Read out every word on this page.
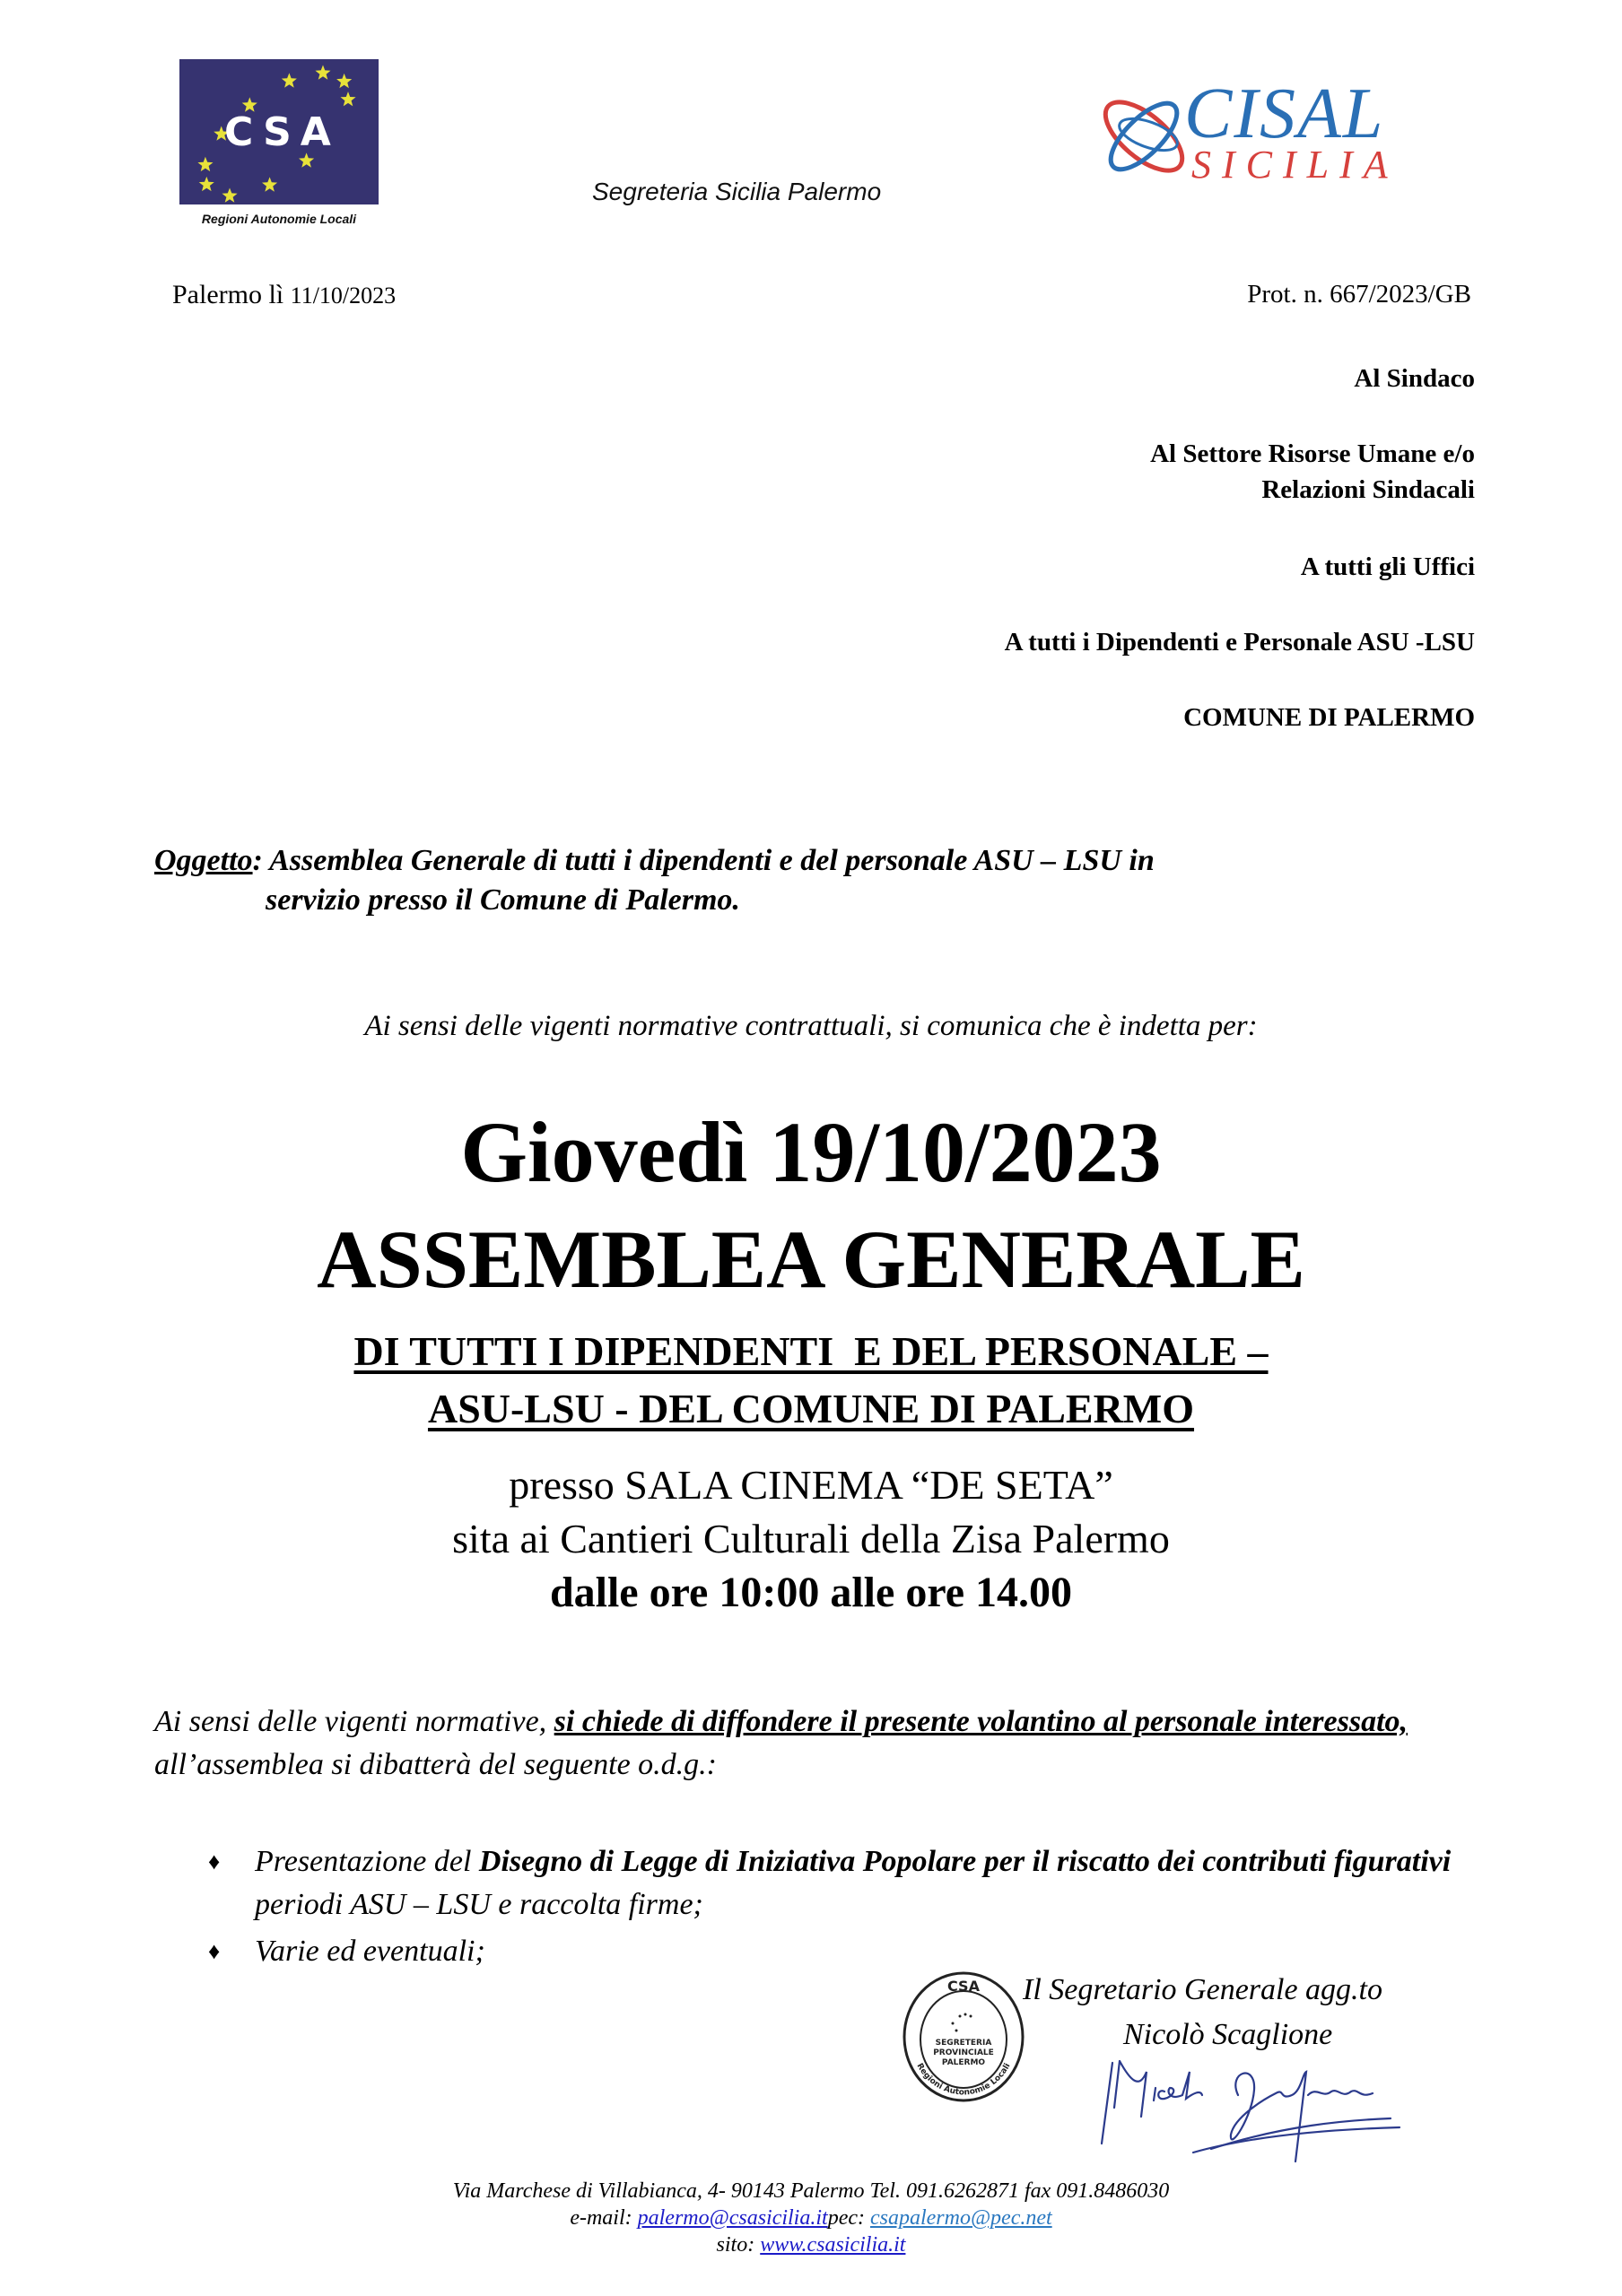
CSA
Regioni Autonomie Locali
Segreteria Sicilia Palermo
CISAL
SICILIA
Palermo lì 11/10/2023	Prot. n. 667/2023/GB
Al Sindaco
Al Settore Risorse Umane e/o
Relazioni Sindacali
A tutti gli Uffici
A tutti i Dipendenti e Personale ASU -LSU
COMUNE DI PALERMO
Oggetto: Assemblea Generale di tutti i dipendenti e del personale ASU – LSU in
servizio presso il Comune di Palermo.
Ai sensi delle vigenti normative contrattuali, si comunica che è indetta per:
Giovedì 19/10/2023
ASSEMBLEA GENERALE
DI TUTTI I DIPENDENTI  E DEL PERSONALE –
ASU-LSU - DEL COMUNE DI PALERMO
presso SALA CINEMA “DE SETA”
sita ai Cantieri Culturali della Zisa Palermo
dalle ore 10:00 alle ore 14.00
Ai sensi delle vigenti normative, si chiede di diffondere il presente volantino al personale interessato, all’assemblea si dibatterà del seguente o.d.g.:
♦	Presentazione del Disegno di Legge di Iniziativa Popolare per il riscatto dei contributi figurativi periodi ASU – LSU e raccolta firme;
♦	Varie ed eventuali;
CSA
SEGRETERIA
PROVINCIALE
PALERMO
Regioni Autonomie Locali
Il Segretario Generale agg.to
Nicolò Scaglione
Via Marchese di Villabianca, 4- 90143 Palermo Tel. 091.6262871 fax 091.8486030
e-mail: palermo@csasicilia.itpec: csapalermo@pec.net
sito: www.csasicilia.it
